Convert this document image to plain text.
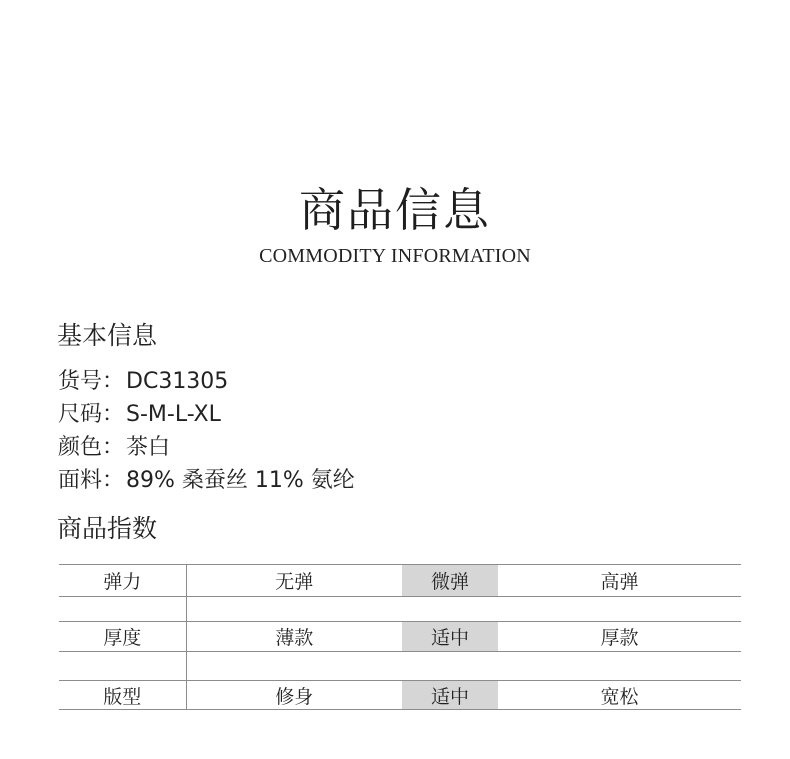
商品信息
COMMODITY INFORMATION
基本信息
货号：DC31305
尺码：S-M-L-XL
颜色：茶白
面料：89% 桑蚕丝 11% 氨纶
商品指数
弹力	无弹	微弹	高弹

厚度	薄款	适中	厚款

版型	修身	适中	宽松
